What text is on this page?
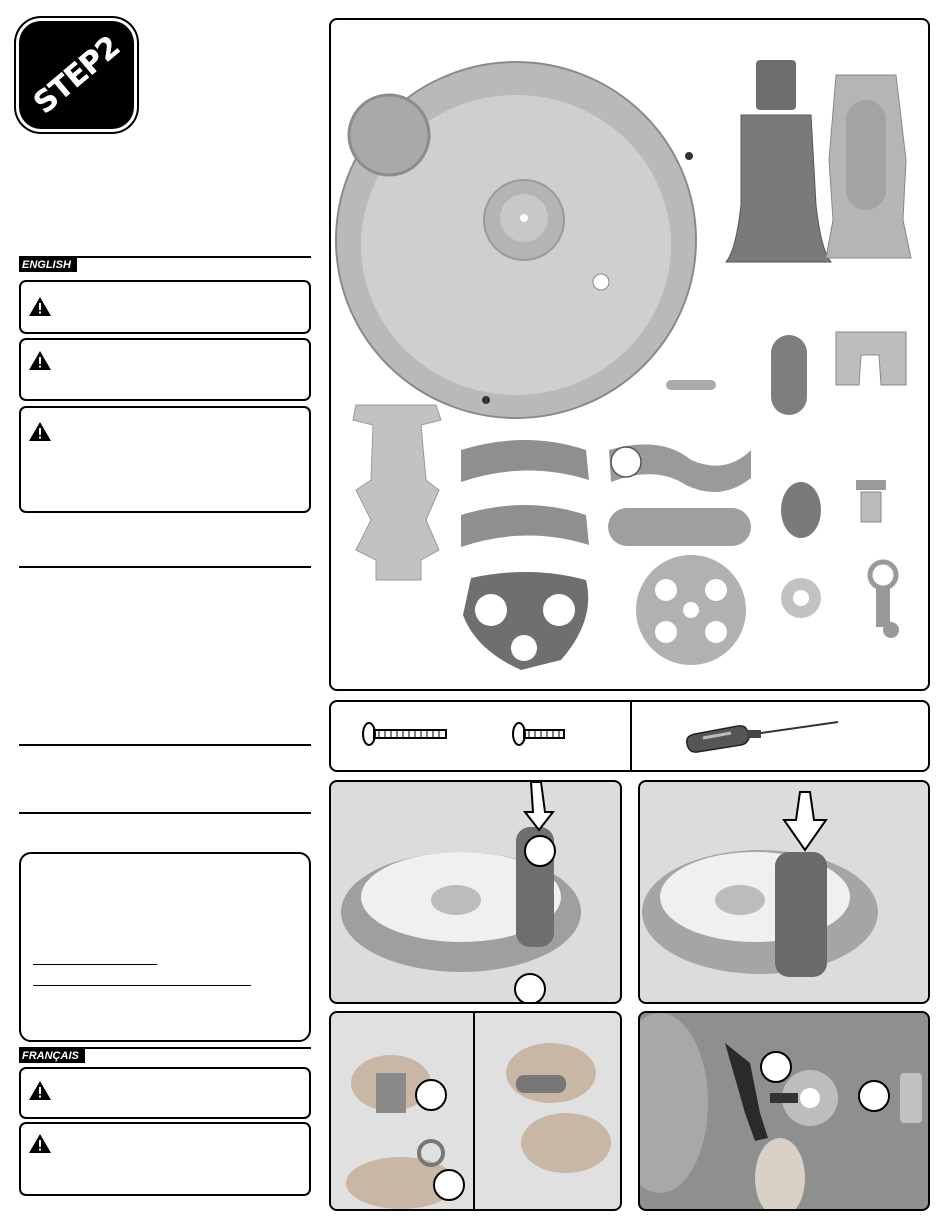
STEP2
ENGLISH
FRANÇAIS
